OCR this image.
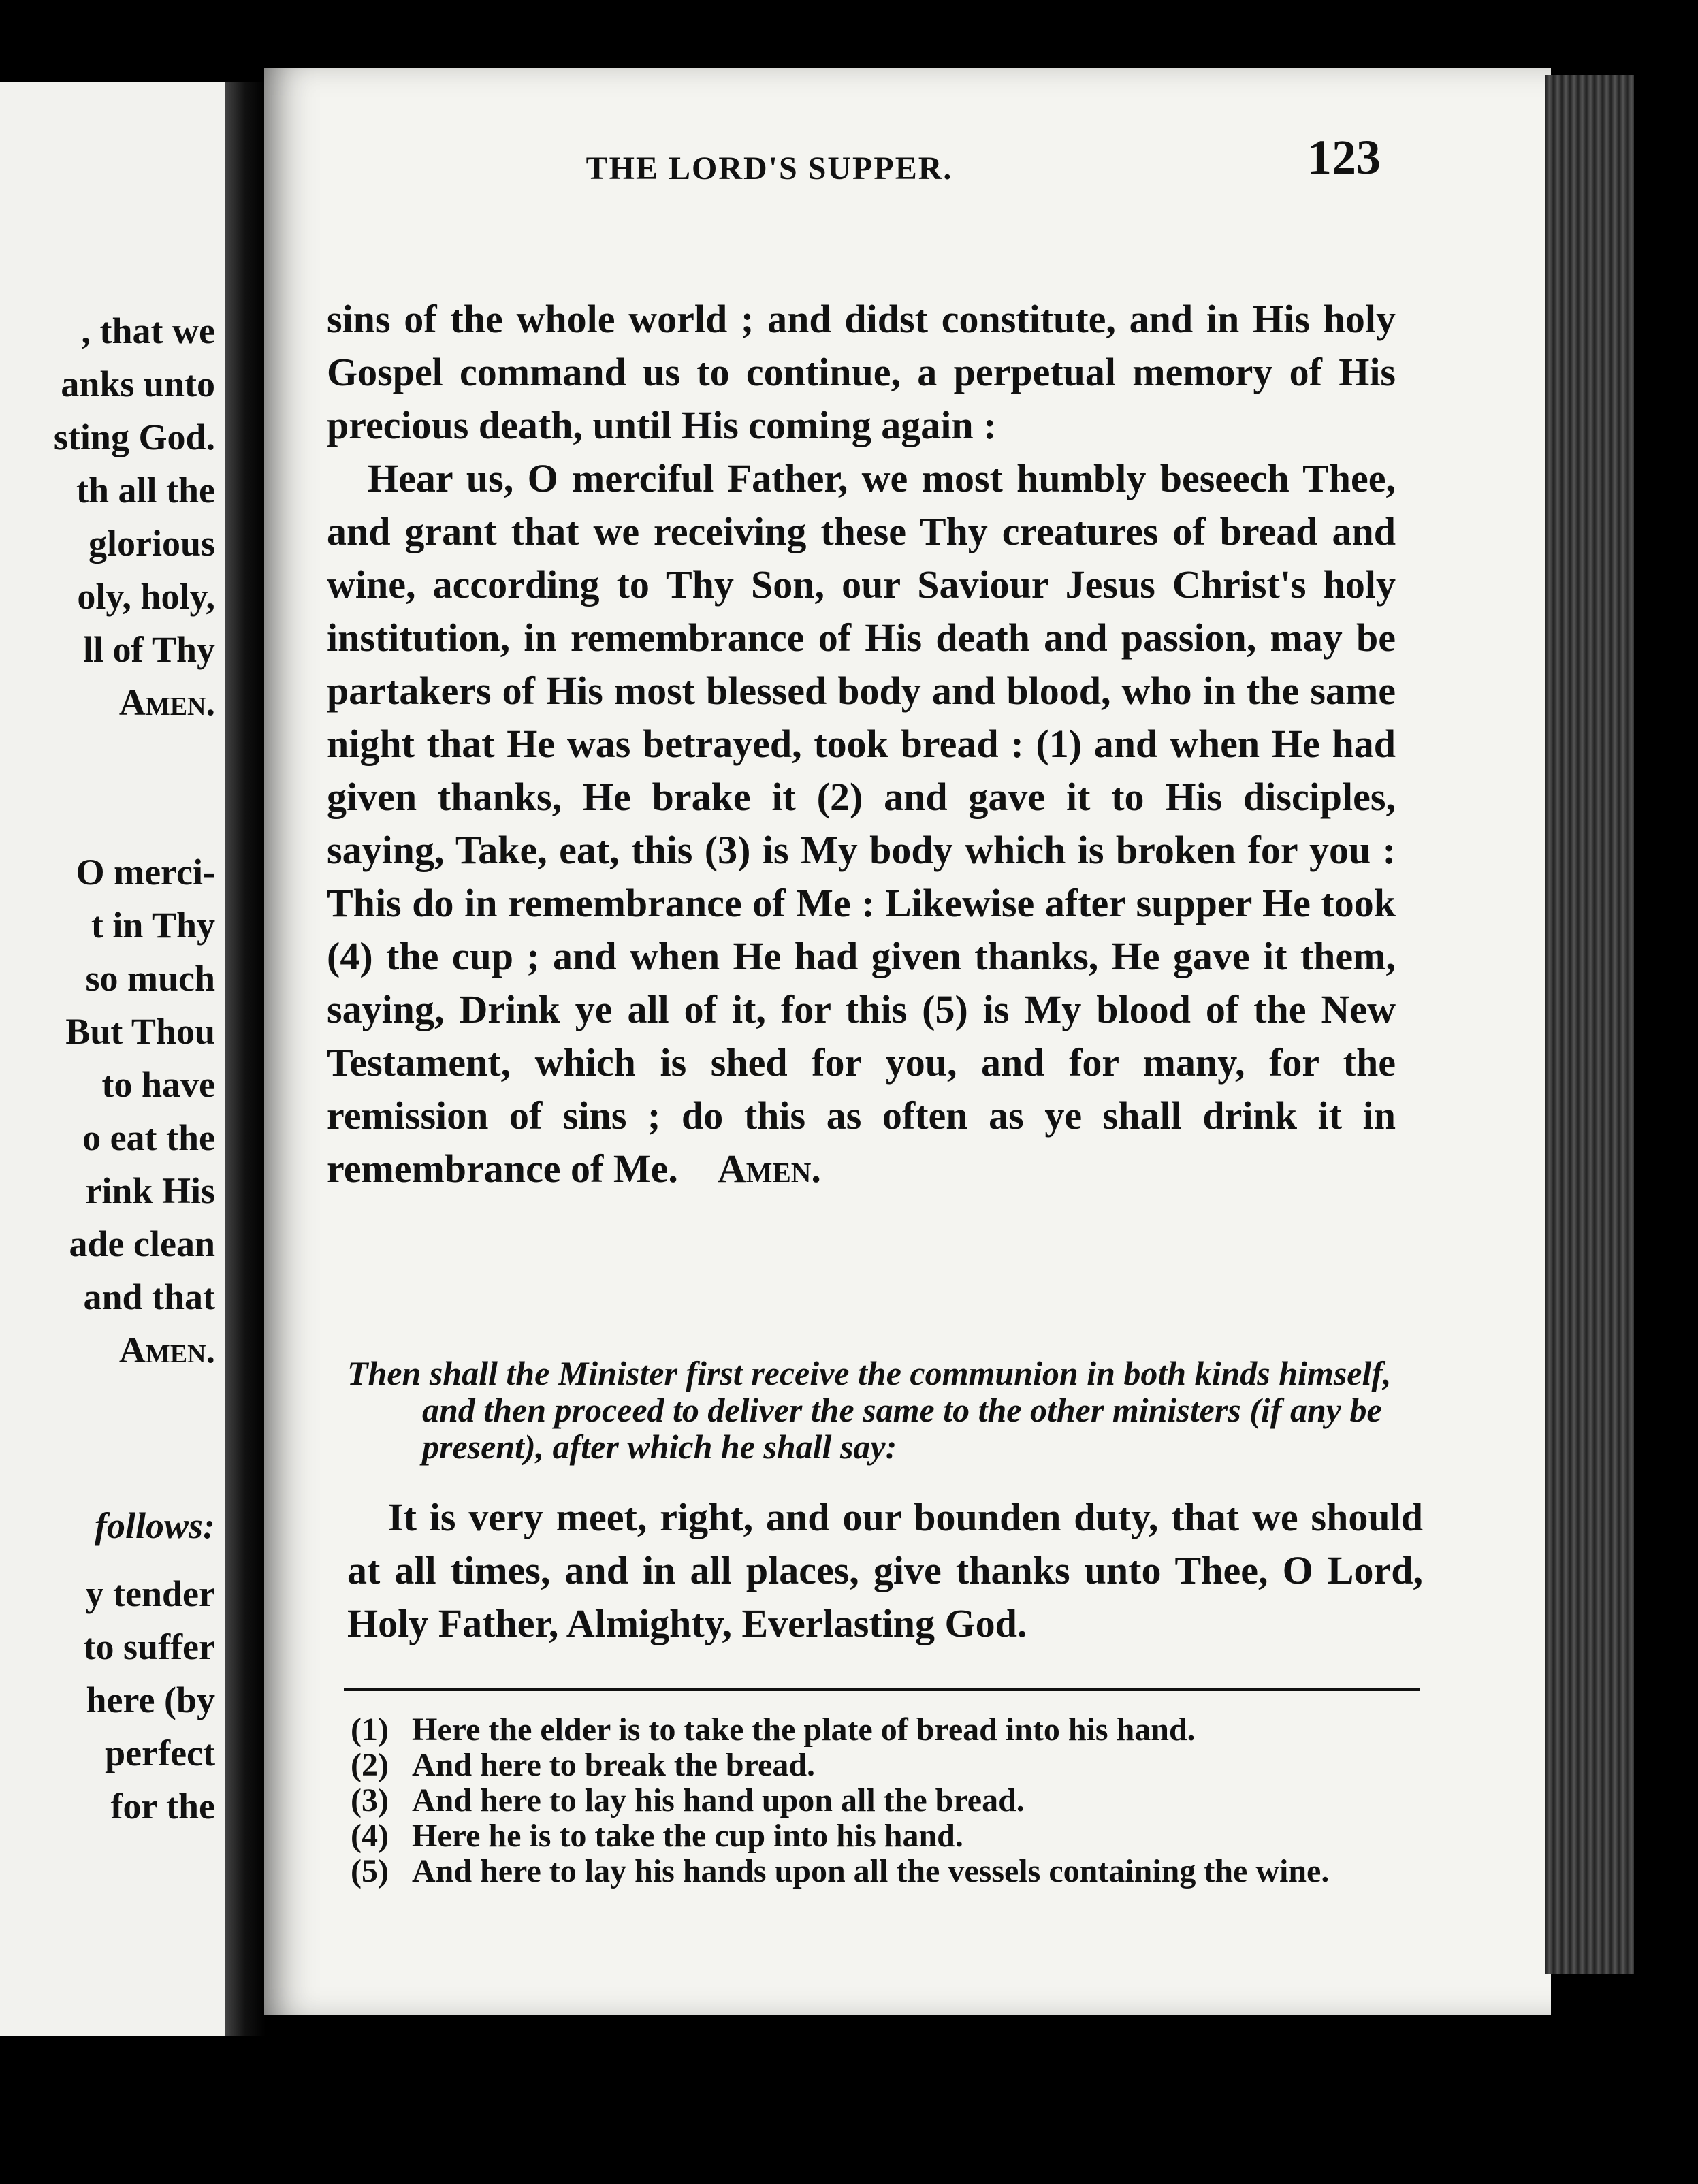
, that we

anks unto

sting God.

th all the

glorious

oly, holy,

ll of Thy

Amen.

O merci-

t in Thy

so much

But Thou

to have

o eat the

rink His

ade clean

and that

Amen.

follows:

y tender

to suffer

here (by

perfect

for the

THE LORD'S SUPPER.	123

sins of the whole world ; and didst constitute, and in His holy Gospel command us to continue, a perpetual memory of His precious death, until His coming again :

Hear us, O merciful Father, we most humbly beseech Thee, and grant that we receiving these Thy creatures of bread and wine, according to Thy Son, our Saviour Jesus Christ's holy institution, in remembrance of His death and passion, may be partakers of His most blessed body and blood, who in the same night that He was betrayed, took bread : (1) and when He had given thanks, He brake it (2) and gave it to His disciples, saying, Take, eat, this (3) is My body which is broken for you : This do in remembrance of Me : Likewise after supper He took (4) the cup ; and when He had given thanks, He gave it them, saying, Drink ye all of it, for this (5) is My blood of the New Testament, which is shed for you, and for many, for the remission of sins ; do this as often as ye shall drink it in remembrance of Me. Amen.

Then shall the Minister first receive the communion in both kinds himself, and then proceed to deliver the same to the other ministers (if any be present), after which he shall say:

It is very meet, right, and our bounden duty, that we should at all times, and in all places, give thanks unto Thee, O Lord, Holy Father, Almighty, Everlasting God.

(1) Here the elder is to take the plate of bread into his hand.
(2) And here to break the bread.
(3) And here to lay his hand upon all the bread.
(4) Here he is to take the cup into his hand.
(5) And here to lay his hands upon all the vessels containing the wine.
